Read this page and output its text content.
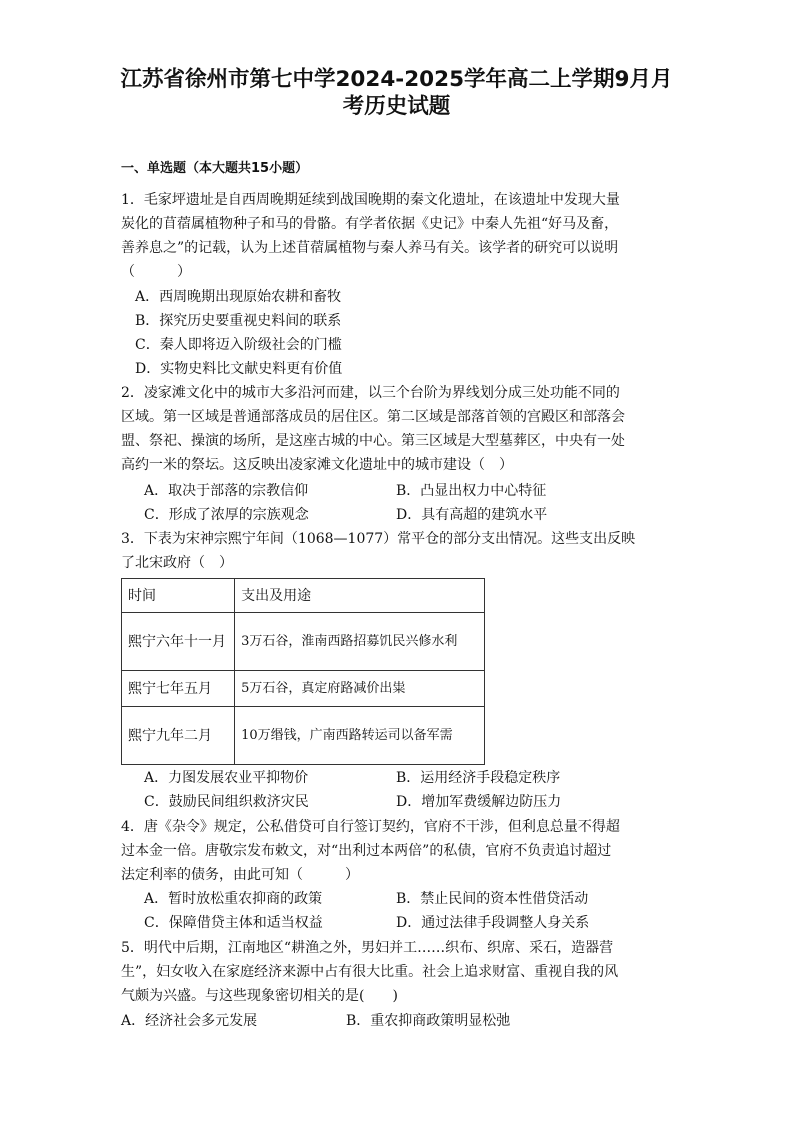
江苏省徐州市第七中学2024-2025学年高二上学期9月月
考历史试题
一、单选题（本大题共15小题）
1．毛家坪遗址是自西周晚期延续到战国晚期的秦文化遗址，在该遗址中发现大量
炭化的苜蓿属植物种子和马的骨骼。有学者依据《史记》中秦人先祖“好马及畜，
善养息之”的记载，认为上述苜蓿属植物与秦人养马有关。该学者的研究可以说明
（　　　）
A．西周晚期出现原始农耕和畜牧
B．探究历史要重视史料间的联系
C．秦人即将迈入阶级社会的门槛
D．实物史料比文献史料更有价值
2．凌家滩文化中的城市大多沿河而建，以三个台阶为界线划分成三处功能不同的
区域。第一区域是普通部落成员的居住区。第二区域是部落首领的宫殿区和部落会
盟、祭祀、操演的场所，是这座古城的中心。第三区域是大型墓葬区，中央有一处
高约一米的祭坛。这反映出凌家滩文化遗址中的城市建设（　）
A．取决于部落的宗教信仰	B．凸显出权力中心特征
C．形成了浓厚的宗族观念	D．具有高超的建筑水平
3．下表为宋神宗熙宁年间（1068—1077）常平仓的部分支出情况。这些支出反映
了北宋政府（　）
时间	支出及用途
熙宁六年十一月	3万石谷，淮南西路招募饥民兴修水利
熙宁七年五月	5万石谷，真定府路减价出粜
熙宁九年二月	10万缗钱，广南西路转运司以备军需
A．力图发展农业平抑物价	B．运用经济手段稳定秩序
C．鼓励民间组织救济灾民	D．增加军费缓解边防压力
4．唐《杂令》规定，公私借贷可自行签订契约，官府不干涉，但利息总量不得超
过本金一倍。唐敬宗发布敕文，对“出利过本两倍”的私债，官府不负责追讨超过
法定利率的债务，由此可知（　　　）
A．暂时放松重农抑商的政策	B．禁止民间的资本性借贷活动
C．保障借贷主体和适当权益	D．通过法律手段调整人身关系
5．明代中后期，江南地区“耕渔之外，男妇并工……织布、织席、采石，造器营
生”，妇女收入在家庭经济来源中占有很大比重。社会上追求财富、重视自我的风
气颇为兴盛。与这些现象密切相关的是(　　)
A．经济社会多元发展	B．重农抑商政策明显松弛
